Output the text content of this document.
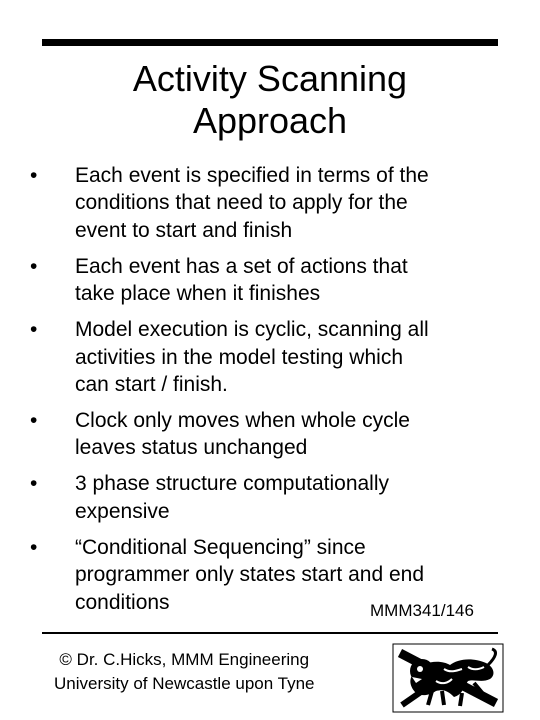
Activity Scanning
Approach
•	Each event is specified in terms of the
conditions that need to apply for the
event to start and finish
•	Each event has a set of actions that
take place when it finishes
•	Model execution is cyclic, scanning all
activities in the model testing which
can start / finish.
•	Clock only moves when whole cycle
leaves status unchanged
•	3 phase structure computationally
expensive
•	“Conditional Sequencing” since
programmer only states start and end
conditions	MMM341/146
© Dr. C.Hicks, MMM Engineering
University of Newcastle upon Tyne
